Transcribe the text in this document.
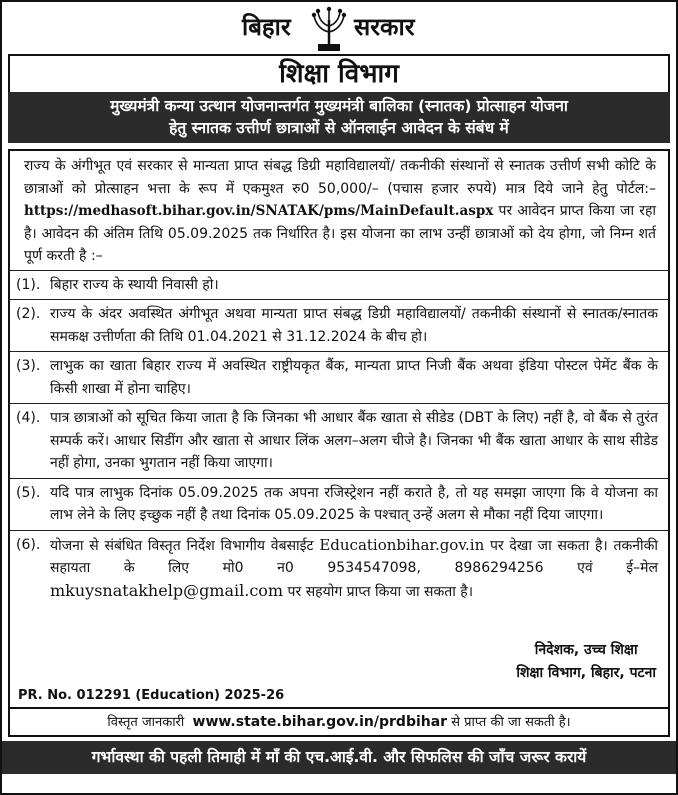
बिहार	सरकार
शिक्षा विभाग
मुख्यमंत्री कन्या उत्थान योजनान्तर्गत मुख्यमंत्री बालिका (स्नातक) प्रोत्साहन योजना
हेतु स्नातक उत्तीर्ण छात्राओं से ऑनलाईन आवेदन के संबंध में
राज्य के अंगीभूत एवं सरकार से मान्यता प्राप्त संबद्ध डिग्री महाविद्यालयों/ तकनीकी संस्थानों से स्नातक उत्तीर्ण सभी कोटि के छात्राओं को प्रोत्साहन भत्ता के रूप में एकमुश्त रु0 50,000/– (पचास हजार रुपये) मात्र दिये जाने हेतु पोर्टल:–https://medhasoft.bihar.gov.in/SNATAK/pms/MainDefault.aspx पर आवेदन प्राप्त किया जा रहा है। आवेदन की अंतिम तिथि 05.09.2025 तक निर्धारित है। इस योजना का लाभ उन्हीं छात्राओं को देय होगा, जो निम्न शर्त पूर्ण करती है :–
(1). बिहार राज्य के स्थायी निवासी हो।
(2). राज्य के अंदर अवस्थित अंगीभूत अथवा मान्यता प्राप्त संबद्ध डिग्री महाविद्यालयों/ तकनीकी संस्थानों से स्नातक/स्नातक समकक्ष उत्तीर्णता की तिथि 01.04.2021 से 31.12.2024 के बीच हो।
(3). लाभुक का खाता बिहार राज्य में अवस्थित राष्ट्रीयकृत बैंक, मान्यता प्राप्त निजी बैंक अथवा इंडिया पोस्टल पेमेंट बैंक के किसी शाखा में होना चाहिए।
(4). पात्र छात्राओं को सूचित किया जाता है कि जिनका भी आधार बैंक खाता से सीडेड (DBT के लिए) नहीं है, वो बैंक से तुरंत सम्पर्क करें। आधार सिडींग और खाता से आधार लिंक अलग–अलग चीजे है। जिनका भी बैंक खाता आधार के साथ सीडेड नहीं होगा, उनका भुगतान नहीं किया जाएगा।
(5). यदि पात्र लाभुक दिनांक 05.09.2025 तक अपना रजिस्ट्रेशन नहीं कराते है, तो यह समझा जाएगा कि वे योजना का लाभ लेने के लिए इच्छुक नहीं है तथा दिनांक 05.09.2025 के पश्चात् उन्हें अलग से मौका नहीं दिया जाएगा।
(6). योजना से संबंधित विस्तृत निर्देश विभागीय वेबसाईट Educationbihar.gov.in पर देखा जा सकता है। तकनीकी सहायता के लिए मो0 न0 9534547098, 8986294256 एवं ई–मेल mkuysnatakhelp@gmail.com पर सहयोग प्राप्त किया जा सकता है।
निदेशक, उच्च शिक्षा
शिक्षा विभाग, बिहार, पटना
PR. No. 012291 (Education) 2025-26
विस्तृत जानकारी www.state.bihar.gov.in/prdbihar से प्राप्त की जा सकती है।
गर्भावस्था की पहली तिमाही में माँ की एच.आई.वी. और सिफलिस की जाँच जरूर करायें
